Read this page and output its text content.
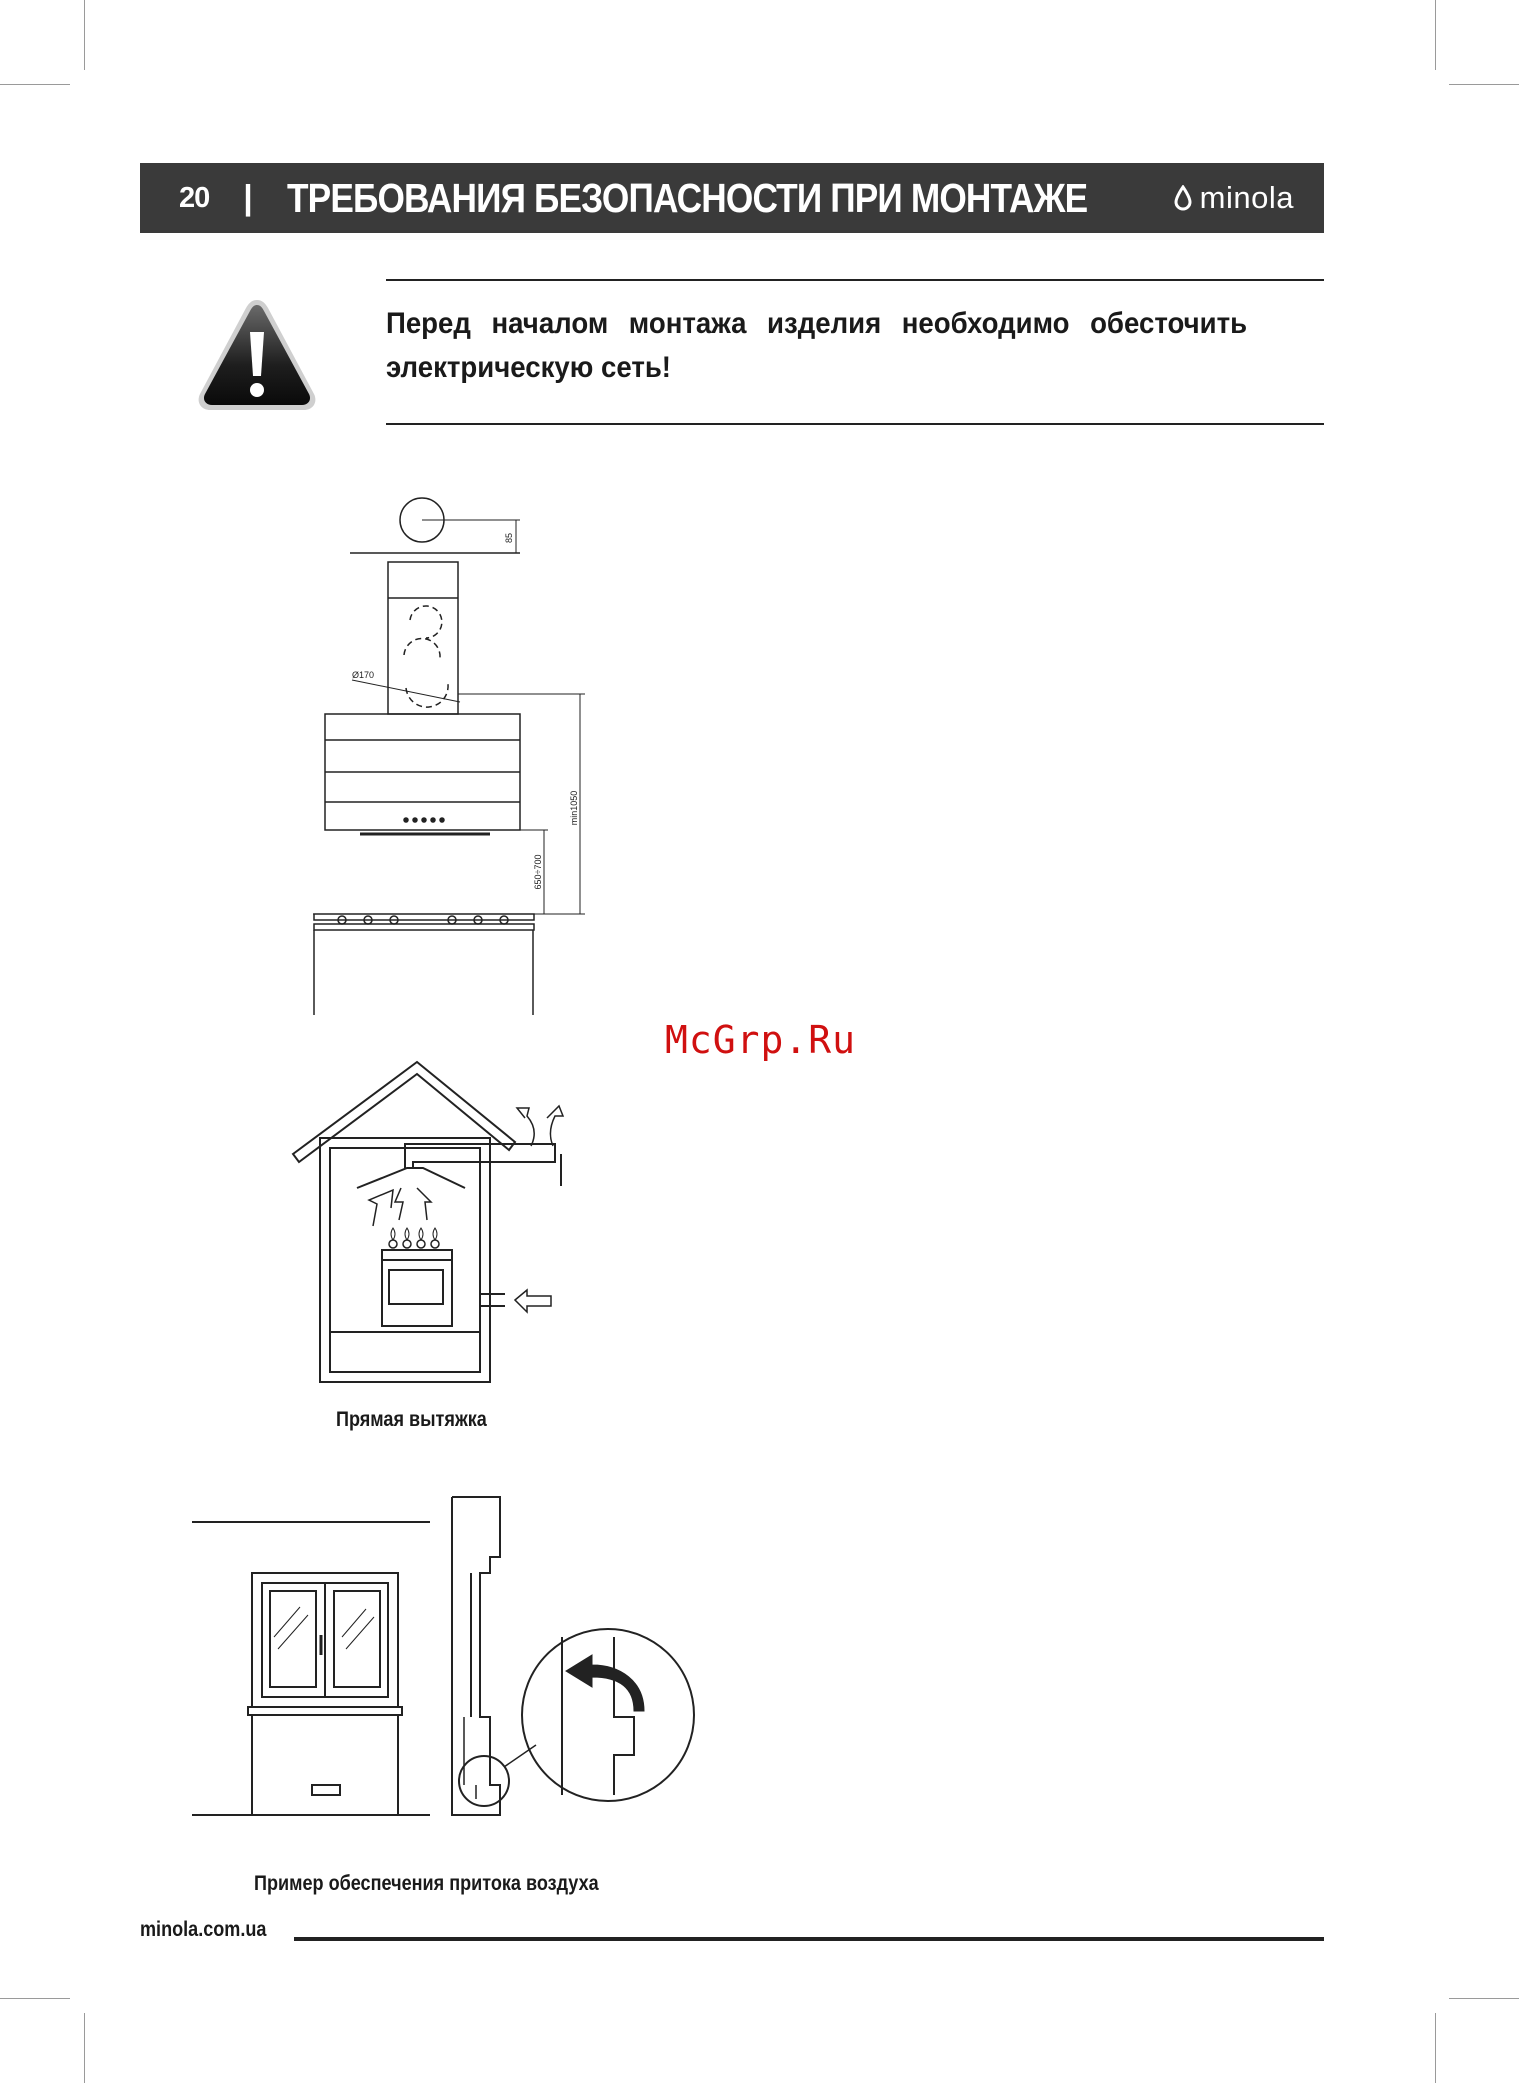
20 | ТРЕБОВАНИЯ БЕЗОПАСНОСТИ ПРИ МОНТАЖЕ	minola
Перед началом монтажа изделия необходимо обесточить электрическую сеть!
85
Ø170
min1050
650÷700
McGrp.Ru
Прямая вытяжка
Пример обеспечения притока воздуха
minola.com.ua
